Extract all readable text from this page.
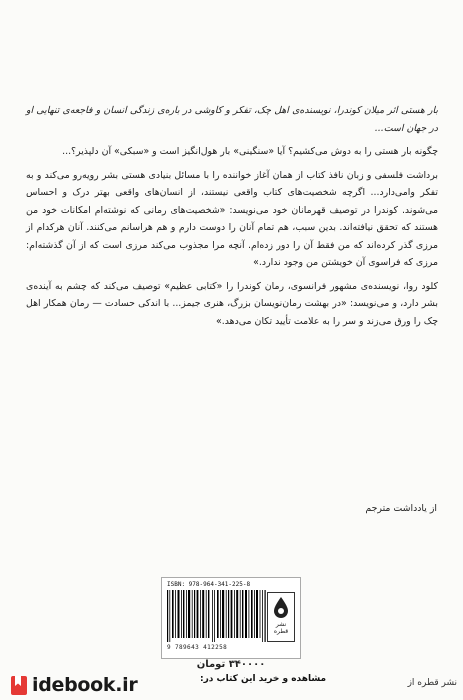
بار هستی اثر میلان کوندرا، نویسنده‌ی اهل چک، تفکر و کاوشی در باره‌ی زندگی انسان و فاجعه‌ی تنهایی او در جهان است...

چگونه بار هستی را به دوش می‌کشیم؟ آیا «سنگینی» بار هول‌انگیز است و «سبکی» آن دلپذیر؟...

برداشت فلسفی و زبان نافذ کتاب از همان آغاز خواننده را با مسائل بنیادی هستی بشر رویه‌رو می‌کند و به تفکر وامی‌دارد... اگرچه شخصیت‌های کتاب واقعی نیستند، از انسان‌های واقعی بهتر درک و احساس می‌شوند. کوندرا در توصیف قهرمانان خود می‌نویسد: «شخصیت‌های رمانی که نوشته‌ام امکانات خود من هستند که تحقق نیافته‌اند. بدین سبب، هم تمام آنان را دوست دارم و هم هراسانم می‌کنند. آنان هرکدام از مرزی گذر کرده‌اند که من فقط آن را دور زده‌ام. آنچه مرا مجذوب می‌کند مرزی است که از آن گذشته‌ام: مرزی که فراسوی آن خویشتن من وجود ندارد.»

کلود روا، نویسنده‌ی مشهور فرانسوی، رمان کوندرا را «کتابی عظیم» توصیف می‌کند که چشم به آینده‌ی بشر دارد، و می‌نویسد: «در بهشت رمان‌نویسان بزرگ، هنری جیمز... با اندکی حسادت — رمان همکار اهل چک را ورق می‌زند و سر را به علامت تأیید تکان می‌دهد.»

از یادداشت مترجم
ISBN: 978-964-341-225-8
9 789643 412258
نشر قطره
۳۴۰۰۰۰ تومان
idebook.ir	مشاهده و خرید این کتاب در:	نشر قطره از
